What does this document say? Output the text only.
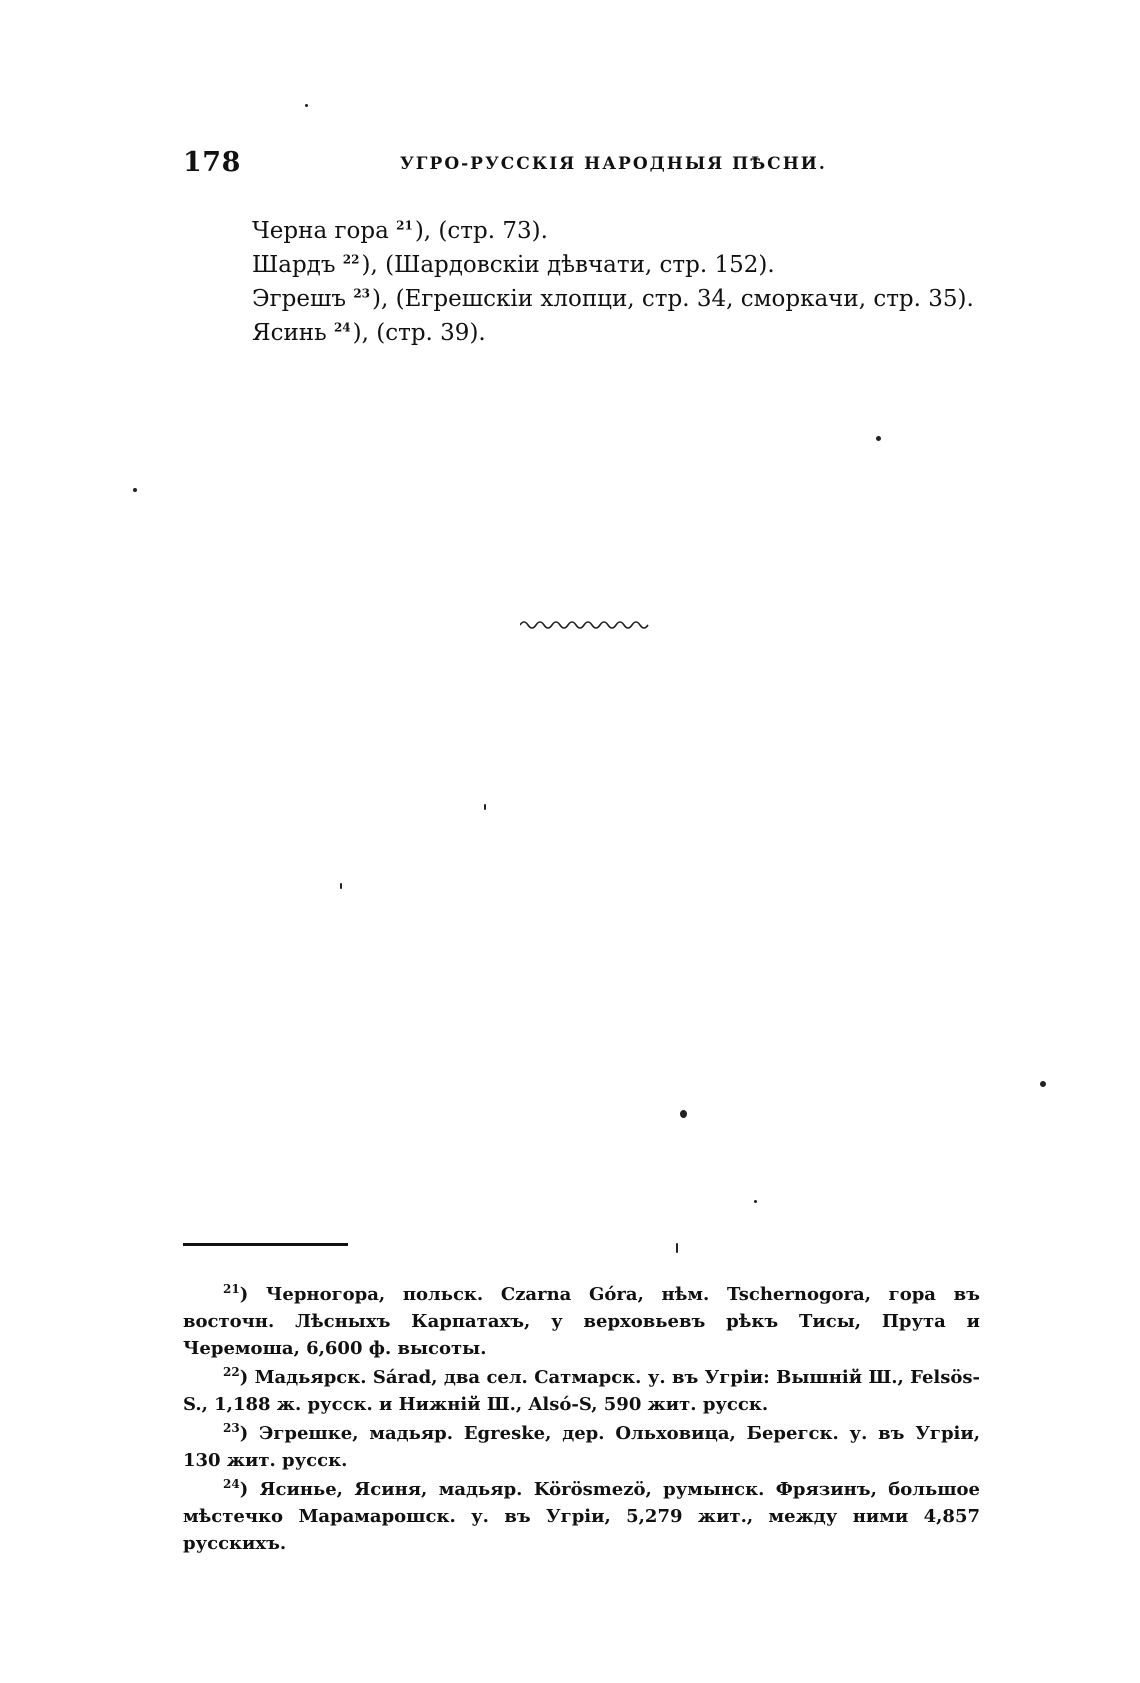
178	УГРО-РУССКІЯ НАРОДНЫЯ ПѢСНИ.
Черна гора $^{21}$), (стр. 73).
Шардъ $^{22}$), (Шардовскіи дѣвчати, стр. 152).
Эгрешъ $^{23}$), (Егрешскіи хлопци, стр. 34, сморкачи, стр. 35).
Ясинь $^{24}$), (стр. 39).

$^{21}$) Черногора, польск. Czarna Góra, нѣм. Tschernogora, гора въ восточн. Лѣсныхъ Карпатахъ, у верховьевъ рѣкъ Тисы, Прута и Черемоша, 6,600 ф. высоты.

$^{22}$) Мадьярск. Sárad, два сел. Сатмарск. у. въ Угріи: Вышній Ш., Felsös-S., 1,188 ж. русск. и Нижній Ш., Alsó-S, 590 жит. русск.

$^{23}$) Эгрешке, мадьяр. Egreske, дер. Ольховица, Берегск. у. въ Угріи, 130 жит. русск.

$^{24}$) Ясинье, Ясиня, мадьяр. Körösmezö, румынск. Фрязинъ, большое мѣстечко Марамарошск. у. въ Угріи, 5,279 жит., между ними 4,857 русскихъ.
